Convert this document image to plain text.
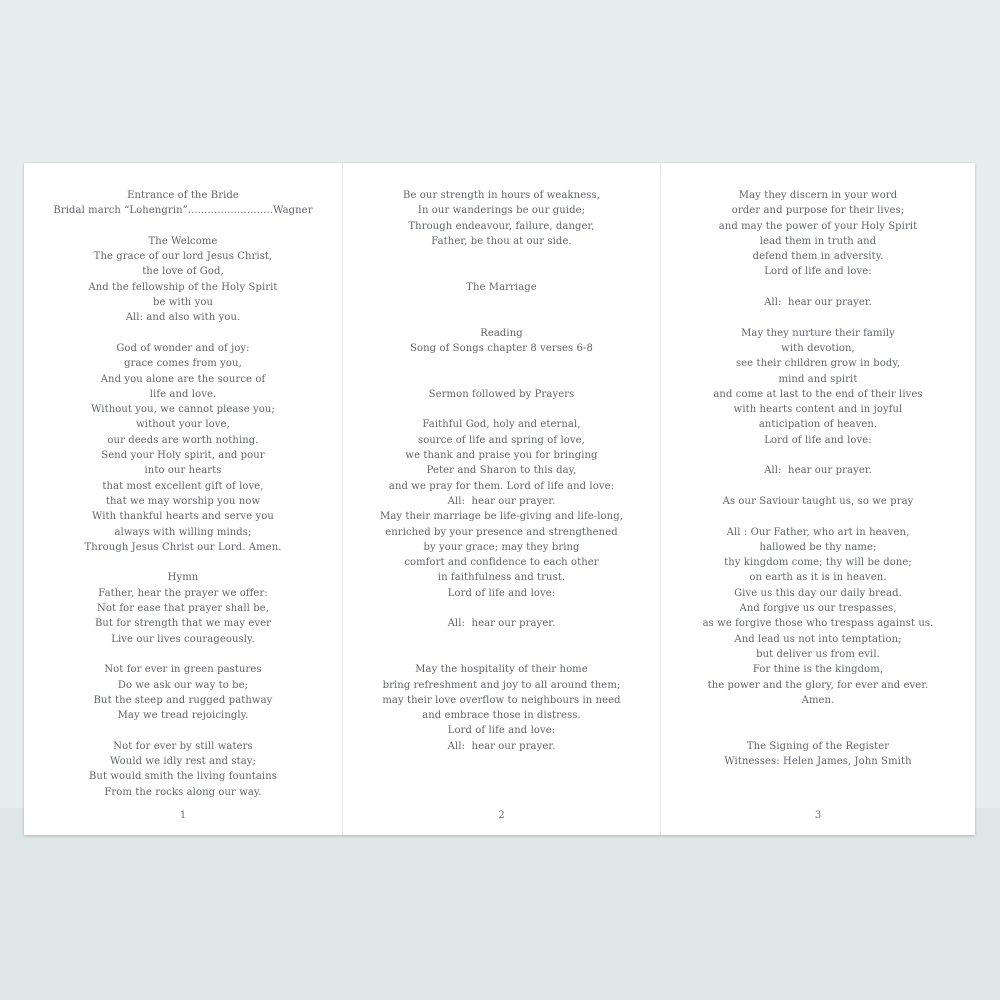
Entrance of the Bride
Bridal march “Lohengrin”..........................Wagner
The Welcome
The grace of our lord Jesus Christ,
the love of God,
And the fellowship of the Holy Spirit
be with you
All: and also with you.
God of wonder and of joy:
grace comes from you,
And you alone are the source of
life and love.
Without you, we cannot please you;
without your love,
our deeds are worth nothing.
Send your Holy spirit, and pour
into our hearts
that most excellent gift of love,
that we may worship you now
With thankful hearts and serve you
always with willing minds;
Through Jesus Christ our Lord. Amen.
Hymn
Father, hear the prayer we offer:
Not for ease that prayer shall be,
But for strength that we may ever
Live our lives courageously.
Not for ever in green pastures
Do we ask our way to be;
But the steep and rugged pathway
May we tread rejoicingly.
Not for ever by still waters
Would we idly rest and stay;
But would smith the living fountains
From the rocks along our way.
1
Be our strength in hours of weakness,
In our wanderings be our guide;
Through endeavour, failure, danger,
Father, be thou at our side.
The Marriage
Reading
Song of Songs chapter 8 verses 6-8
Sermon followed by Prayers
Faithful God, holy and eternal,
source of life and spring of love,
we thank and praise you for bringing
Peter and Sharon to this day,
and we pray for them. Lord of life and love:
All:  hear our prayer.
May their marriage be life-giving and life-long,
enriched by your presence and strengthened
by your grace; may they bring
comfort and confidence to each other
in faithfulness and trust.
Lord of life and love:
All:  hear our prayer.
May the hospitality of their home
bring refreshment and joy to all around them;
may their love overflow to neighbours in need
and embrace those in distress.
Lord of life and love:
All:  hear our prayer.
2
May they discern in your word
order and purpose for their lives;
and may the power of your Holy Spirit
lead them in truth and
defend them in adversity.
Lord of life and love:
All:  hear our prayer.
May they nurture their family
with devotion,
see their children grow in body,
mind and spirit
and come at last to the end of their lives
with hearts content and in joyful
anticipation of heaven.
Lord of life and love:
All:  hear our prayer.
As our Saviour taught us, so we pray
All : Our Father, who art in heaven,
hallowed be thy name;
thy kingdom come; thy will be done;
on earth as it is in heaven.
Give us this day our daily bread.
And forgive us our trespasses,
as we forgive those who trespass against us.
And lead us not into temptation;
but deliver us from evil.
For thine is the kingdom,
the power and the glory, for ever and ever.
Amen.
The Signing of the Register
Witnesses: Helen James, John Smith
3
